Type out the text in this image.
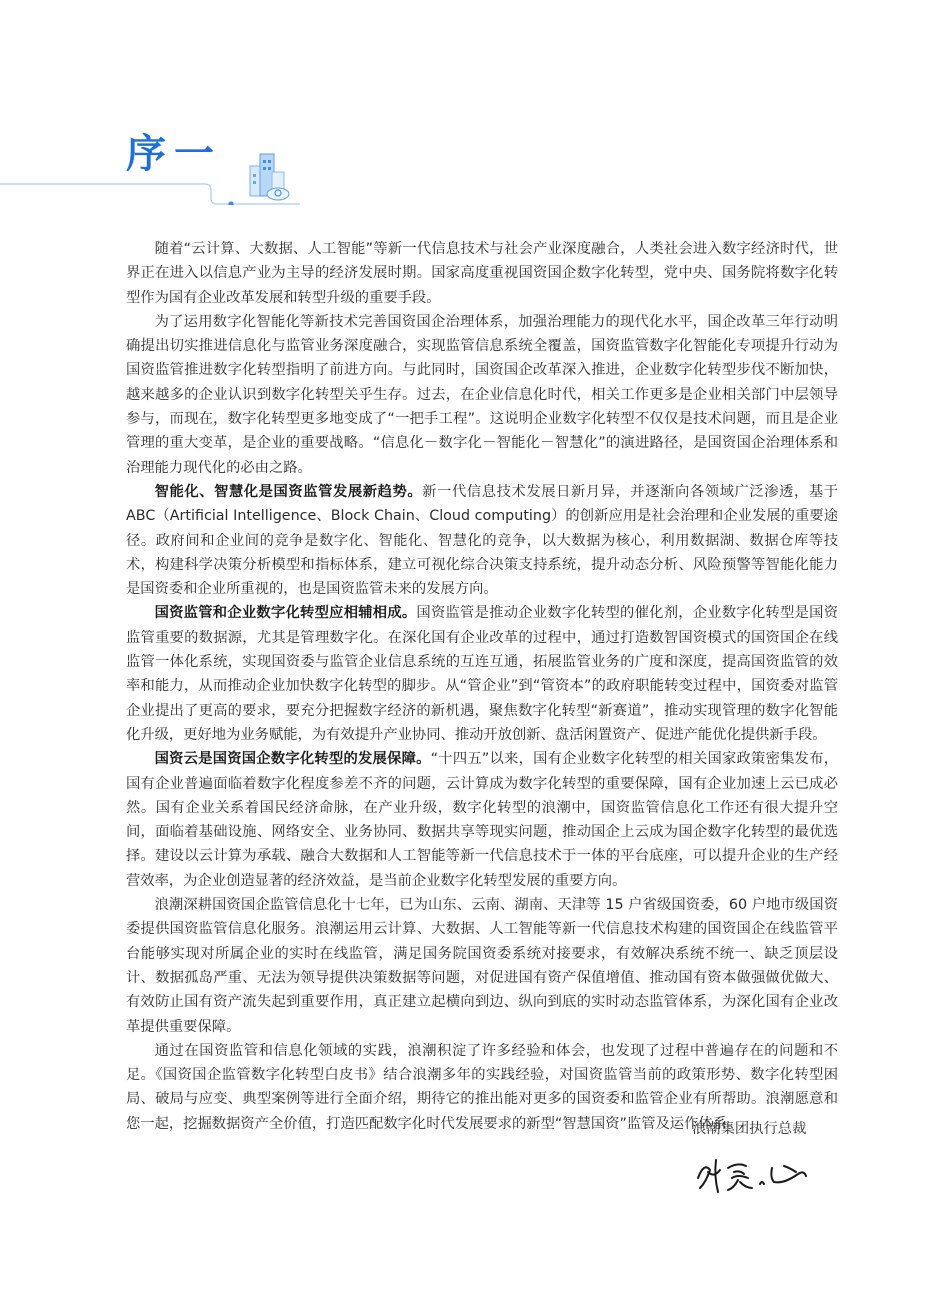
序一

随着“云计算、大数据、人工智能”等新一代信息技术与社会产业深度融合，人类社会进入数字经济时代，世界正在进入以信息产业为主导的经济发展时期。国家高度重视国资国企数字化转型，党中央、国务院将数字化转型作为国有企业改革发展和转型升级的重要手段。

为了运用数字化智能化等新技术完善国资国企治理体系，加强治理能力的现代化水平，国企改革三年行动明确提出切实推进信息化与监管业务深度融合，实现监管信息系统全覆盖，国资监管数字化智能化专项提升行动为国资监管推进数字化转型指明了前进方向。与此同时，国资国企改革深入推进，企业数字化转型步伐不断加快，越来越多的企业认识到数字化转型关乎生存。过去，在企业信息化时代，相关工作更多是企业相关部门中层领导参与，而现在，数字化转型更多地变成了“一把手工程”。这说明企业数字化转型不仅仅是技术问题，而且是企业管理的重大变革，是企业的重要战略。“信息化－数字化－智能化－智慧化”的演进路径，是国资国企治理体系和治理能力现代化的必由之路。

智能化、智慧化是国资监管发展新趋势。新一代信息技术发展日新月异，并逐渐向各领域广泛渗透，基于ABC（Artificial Intelligence、Block Chain、Cloud computing）的创新应用是社会治理和企业发展的重要途径。政府间和企业间的竞争是数字化、智能化、智慧化的竞争，以大数据为核心，利用数据湖、数据仓库等技术，构建科学决策分析模型和指标体系，建立可视化综合决策支持系统，提升动态分析、风险预警等智能化能力是国资委和企业所重视的，也是国资监管未来的发展方向。

国资监管和企业数字化转型应相辅相成。国资监管是推动企业数字化转型的催化剂，企业数字化转型是国资监管重要的数据源，尤其是管理数字化。在深化国有企业改革的过程中，通过打造数智国资模式的国资国企在线监管一体化系统，实现国资委与监管企业信息系统的互连互通，拓展监管业务的广度和深度，提高国资监管的效率和能力，从而推动企业加快数字化转型的脚步。从“管企业”到“管资本”的政府职能转变过程中，国资委对监管企业提出了更高的要求，要充分把握数字经济的新机遇，聚焦数字化转型“新赛道”，推动实现管理的数字化智能化升级，更好地为业务赋能，为有效提升产业协同、推动开放创新、盘活闲置资产、促进产能优化提供新手段。

国资云是国资国企数字化转型的发展保障。“十四五”以来，国有企业数字化转型的相关国家政策密集发布，国有企业普遍面临着数字化程度参差不齐的问题，云计算成为数字化转型的重要保障，国有企业加速上云已成必然。国有企业关系着国民经济命脉，在产业升级，数字化转型的浪潮中，国资监管信息化工作还有很大提升空间，面临着基础设施、网络安全、业务协同、数据共享等现实问题，推动国企上云成为国企数字化转型的最优选择。建设以云计算为承载、融合大数据和人工智能等新一代信息技术于一体的平台底座，可以提升企业的生产经营效率，为企业创造显著的经济效益，是当前企业数字化转型发展的重要方向。

浪潮深耕国资国企监管信息化十七年，已为山东、云南、湖南、天津等 15 户省级国资委，60 户地市级国资委提供国资监管信息化服务。浪潮运用云计算、大数据、人工智能等新一代信息技术构建的国资国企在线监管平台能够实现对所属企业的实时在线监管，满足国务院国资委系统对接要求，有效解决系统不统一、缺乏顶层设计、数据孤岛严重、无法为领导提供决策数据等问题，对促进国有资产保值增值、推动国有资本做强做优做大、有效防止国有资产流失起到重要作用，真正建立起横向到边、纵向到底的实时动态监管体系，为深化国有企业改革提供重要保障。

通过在国资监管和信息化领域的实践，浪潮积淀了许多经验和体会，也发现了过程中普遍存在的问题和不足。《国资国企监管数字化转型白皮书》结合浪潮多年的实践经验，对国资监管当前的政策形势、数字化转型困局、破局与应变、典型案例等进行全面介绍，期待它的推出能对更多的国资委和监管企业有所帮助。浪潮愿意和您一起，挖掘数据资产全价值，打造匹配数字化时代发展要求的新型“智慧国资”监管及运作体系。

浪潮集团执行总裁
